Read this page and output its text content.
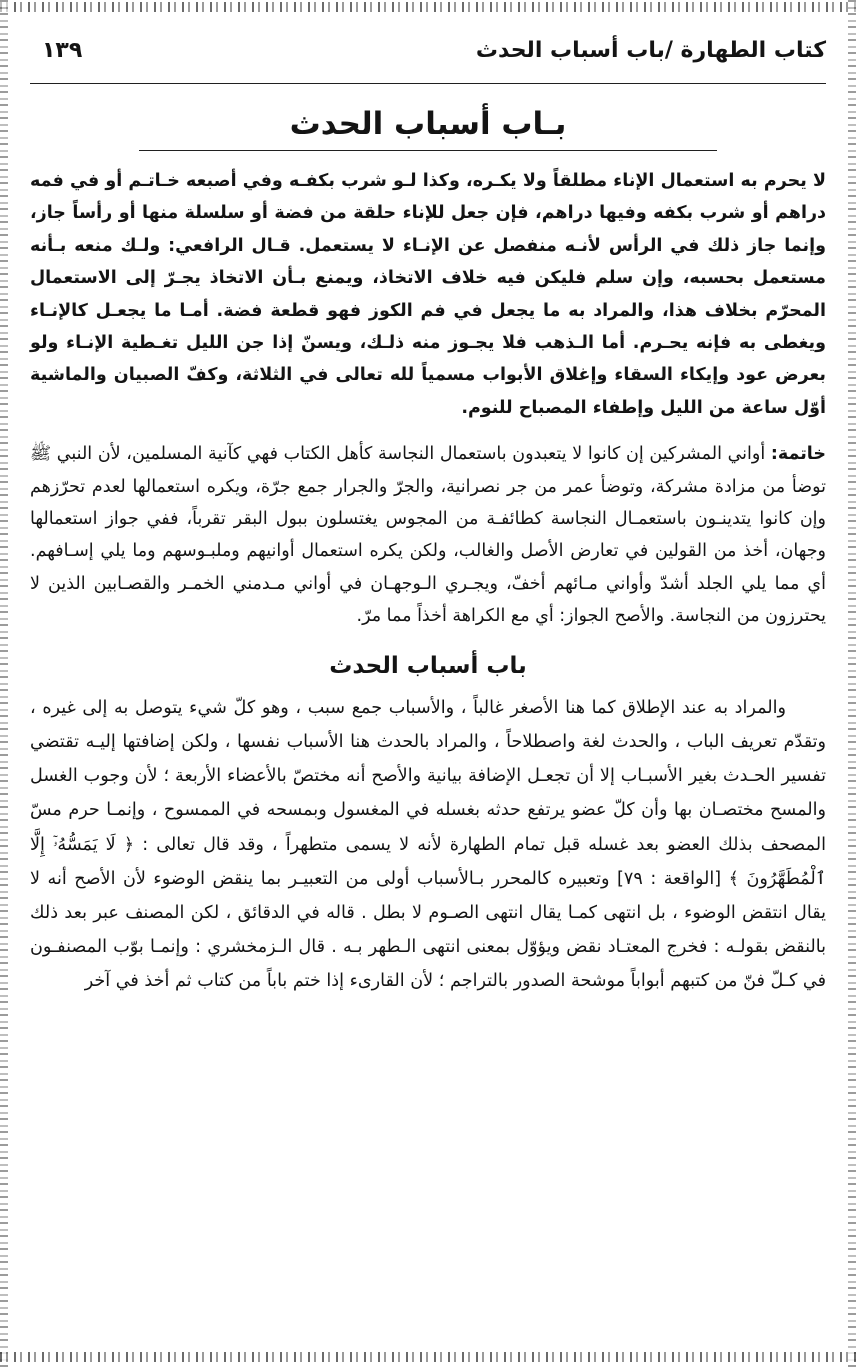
كتاب الطهارة /باب أسباب الحدث
١٣٩
بـاب أسباب الحدث

لا يحرم به استعمال الإناء مطلقاً ولا يكـره، وكذا لـو شرب بكفـه وفي أصبعه خـاتـم أو في فمه دراهم أو شرب بكفه وفيها دراهم، فإن جعل للإناء حلقة من فضة أو سلسلة منها أو رأساً جاز، وإنما جاز ذلك في الرأس لأنـه منفصل عن الإنـاء لا يستعمل. قـال الرافعي: ولـك منعه بـأنه مستعمل بحسبه، وإن سلم فليكن فيه خلاف الاتخاذ، ويمنع بـأن الاتخاذ يجـرّ إلى الاستعمال المحرّم بخلاف هذا، والمراد به ما يجعل في فم الكوز فهو قطعة فضة. أمـا ما يجعـل كالإنـاء ويغطى به فإنه يحـرم. أما الـذهب فلا يجـوز منه ذلـك، ويسنّ إذا جن الليل تغـطية الإنـاء ولو بعرض عود وإيكاء السقاء وإغلاق الأبواب مسمياً لله تعالى في الثلاثة، وكفّ الصبيان والماشية أوّل ساعة من الليل وإطفاء المصباح للنوم.

خاتمة: أواني المشركين إن كانوا لا يتعبدون باستعمال النجاسة كأهل الكتاب فهي كآنية المسلمين، لأن النبي ﷺ توضأ من مزادة مشركة، وتوضأ عمر من جر نصرانية، والجرّ والجرار جمع جرّة، ويكره استعمالها لعدم تحرّزهم وإن كانوا يتدينـون باستعمـال النجاسة كطائفـة من المجوس يغتسلون ببول البقر تقرباً، ففي جواز استعمالها وجهان، أخذ من القولين في تعارض الأصل والغالب، ولكن يكره استعمال أوانيهم وملبـوسهم وما يلي إسـافهم. أي مما يلي الجلد أشدّ وأواني مـائهم أخفّ، ويجـري الـوجهـان في أواني مـدمني الخمـر والقصـابين الذين لا يحترزون من النجاسة. والأصح الجواز: أي مع الكراهة أخذاً مما مرّ.

باب أسباب الحدث

والمراد به عند الإطلاق كما هنا الأصغر غالباً ، والأسباب جمع سبب ، وهو كلّ شيء يتوصل به إلى غيره ، وتقدّم تعريف الباب ، والحدث لغة واصطلاحاً ، والمراد بالحدث هنا الأسباب نفسها ، ولكن إضافتها إليـه تقتضي تفسير الحـدث بغير الأسبـاب إلا أن تجعـل الإضافة بيانية والأصح أنه مختصّ بالأعضاء الأربعة ؛ لأن وجوب الغسل والمسح مختصـان بها وأن كلّ عضو يرتفع حدثه بغسله في المغسول وبمسحه في الممسوح ، وإنمـا حرم مسّ المصحف بذلك العضو بعد غسله قبل تمام الطهارة لأنه لا يسمى متطهراً ، وقد قال تعالى : ﴿ لَا يَمَسُّهُۥٓ إِلَّا ٱلْمُطَهَّرُونَ ﴾ [الواقعة : ٧٩] وتعبيره كالمحرر بـالأسباب أولى من التعبيـر بما ينقض الوضوء لأن الأصح أنه لا يقال انتقض الوضوء ، بل انتهى كمـا يقال انتهى الصـوم لا بطل . قاله في الدقائق ، لكن المصنف عبر بعد ذلك بالنقض بقولـه : فخرج المعتـاد نقض ويؤوّل بمعنى انتهى الـطهر بـه . قال الـزمخشري : وإنمـا بوّب المصنفـون في كـلّ فنّ من كتبهم أبواباً موشحة الصدور بالتراجم ؛ لأن القارىء إذا ختم باباً من كتاب ثم أخذ في آخر
